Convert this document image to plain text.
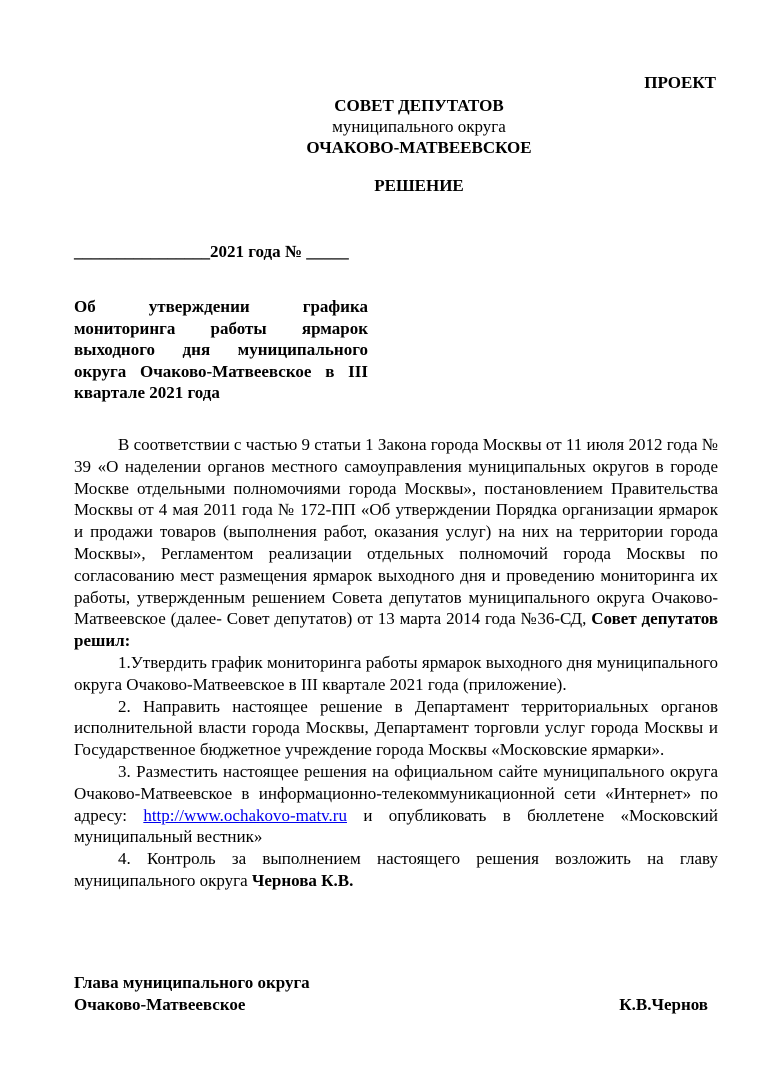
ПРОЕКТ
СОВЕТ ДЕПУТАТОВ
муниципального округа
ОЧАКОВО-МАТВЕЕВСКОЕ
РЕШЕНИЕ
________________2021 года № _____
Об утверждении графика мониторинга работы ярмарок выходного дня муниципального округа Очаково-Матвеевское в III квартале 2021 года

В соответствии с частью 9 статьи 1 Закона города Москвы от 11 июля 2012 года № 39 «О наделении органов местного самоуправления муниципальных округов в городе Москве отдельными полномочиями города Москвы», постановлением Правительства Москвы от 4 мая 2011 года № 172-ПП «Об утверждении Порядка организации ярмарок и продажи товаров (выполнения работ, оказания услуг) на них на территории города Москвы», Регламентом реализации отдельных полномочий города Москвы по согласованию мест размещения ярмарок выходного дня и проведению мониторинга их работы, утвержденным решением Совета депутатов муниципального округа Очаково-Матвеевское (далее- Совет депутатов) от 13 марта 2014 года №36-СД, Совет депутатов решил:

1.Утвердить график мониторинга работы ярмарок выходного дня муниципального округа Очаково-Матвеевское в III квартале 2021 года (приложение).

2. Направить настоящее решение в Департамент территориальных органов исполнительной власти города Москвы, Департамент торговли услуг города Москвы и Государственное бюджетное учреждение города Москвы «Московские ярмарки».

3. Разместить настоящее решения на официальном сайте муниципального округа Очаково-Матвеевское в информационно-телекоммуникационной сети «Интернет» по адресу: http://www.ochakovo-matv.ru и опубликовать в бюллетене «Московский муниципальный вестник»

4. Контроль за выполнением настоящего решения возложить на главу муниципального округа Чернова К.В.

Глава муниципального округа
Очаково-Матвеевское	К.В.Чернов
